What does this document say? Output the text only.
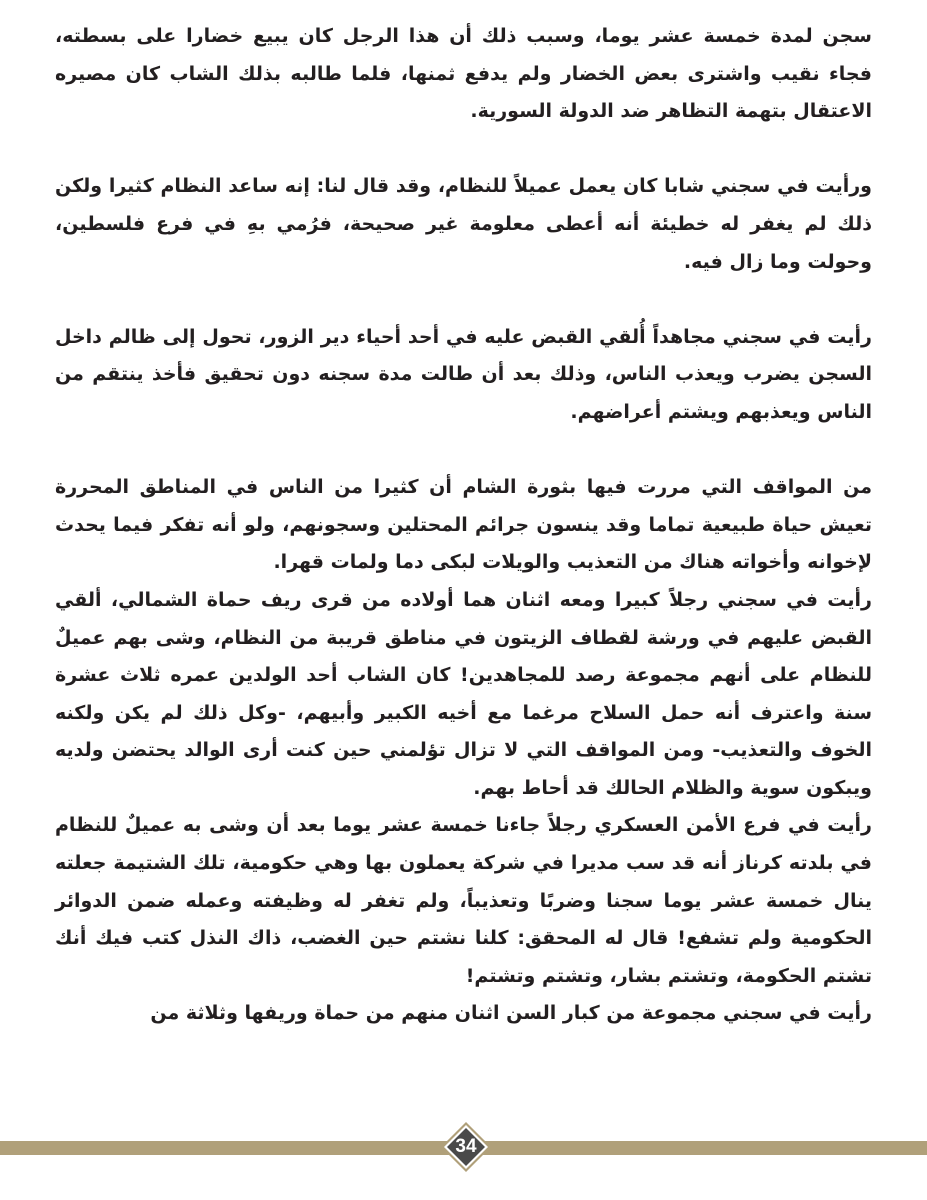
سجن لمدة خمسة عشر يوما، وسبب ذلك أن هذا الرجل كان يبيع خضارا على بسطته، فجاء نقيب واشترى بعض الخضار ولم يدفع ثمنها، فلما طالبه بذلك الشاب كان مصيره الاعتقال بتهمة التظاهر ضد الدولة السورية.

ورأيت في سجني شابا كان يعمل عميلاً للنظام، وقد قال لنا: إنه ساعد النظام كثيرا ولكن ذلك لم يغفر له خطيئة أنه أعطى معلومة غير صحيحة، فرُمي بهِ في فرع فلسطين، وحولت وما زال فيه.

رأيت في سجني مجاهداً أُلقي القبض عليه في أحد أحياء دير الزور، تحول إلى ظالم داخل السجن يضرب ويعذب الناس، وذلك بعد أن طالت مدة سجنه دون تحقيق فأخذ ينتقم من الناس ويعذبهم ويشتم أعراضهم.

من المواقف التي مررت فيها بثورة الشام أن كثيرا من الناس في المناطق المحررة تعيش حياة طبيعية تماما وقد ينسون جرائم المحتلين وسجونهم، ولو أنه تفكر فيما يحدث لإخوانه وأخواته هناك من التعذيب والويلات لبكى دما ولمات قهرا.

رأيت في سجني رجلاً كبيرا ومعه اثنان هما أولاده من قرى ريف حماة الشمالي، ألقي القبض عليهم في ورشة لقطاف الزيتون في مناطق قريبة من النظام، وشى بهم عميلٌ للنظام على أنهم مجموعة رصد للمجاهدين! كان الشاب أحد الولدين عمره ثلاث عشرة سنة واعترف أنه حمل السلاح مرغما مع أخيه الكبير وأبيهم، -وكل ذلك لم يكن ولكنه الخوف والتعذيب- ومن المواقف التي لا تزال تؤلمني حين كنت أرى الوالد يحتضن ولديه ويبكون سوية والظلام الحالك قد أحاط بهم.

رأيت في فرع الأمن العسكري رجلاً جاءنا خمسة عشر يوما بعد أن وشى به عميلٌ للنظام في بلدته كرناز أنه قد سب مديرا في شركة يعملون بها وهي حكومية، تلك الشتيمة جعلته ينال خمسة عشر يوما سجنا وضربًا وتعذيباً، ولم تغفر له وظيفته وعمله ضمن الدوائر الحكومية ولم تشفع! قال له المحقق: كلنا نشتم حين الغضب، ذاك النذل كتب فيك أنك تشتم الحكومة، وتشتم بشار، وتشتم وتشتم!

رأيت في سجني مجموعة من كبار السن اثنان منهم من حماة وريفها وثلاثة من

34
